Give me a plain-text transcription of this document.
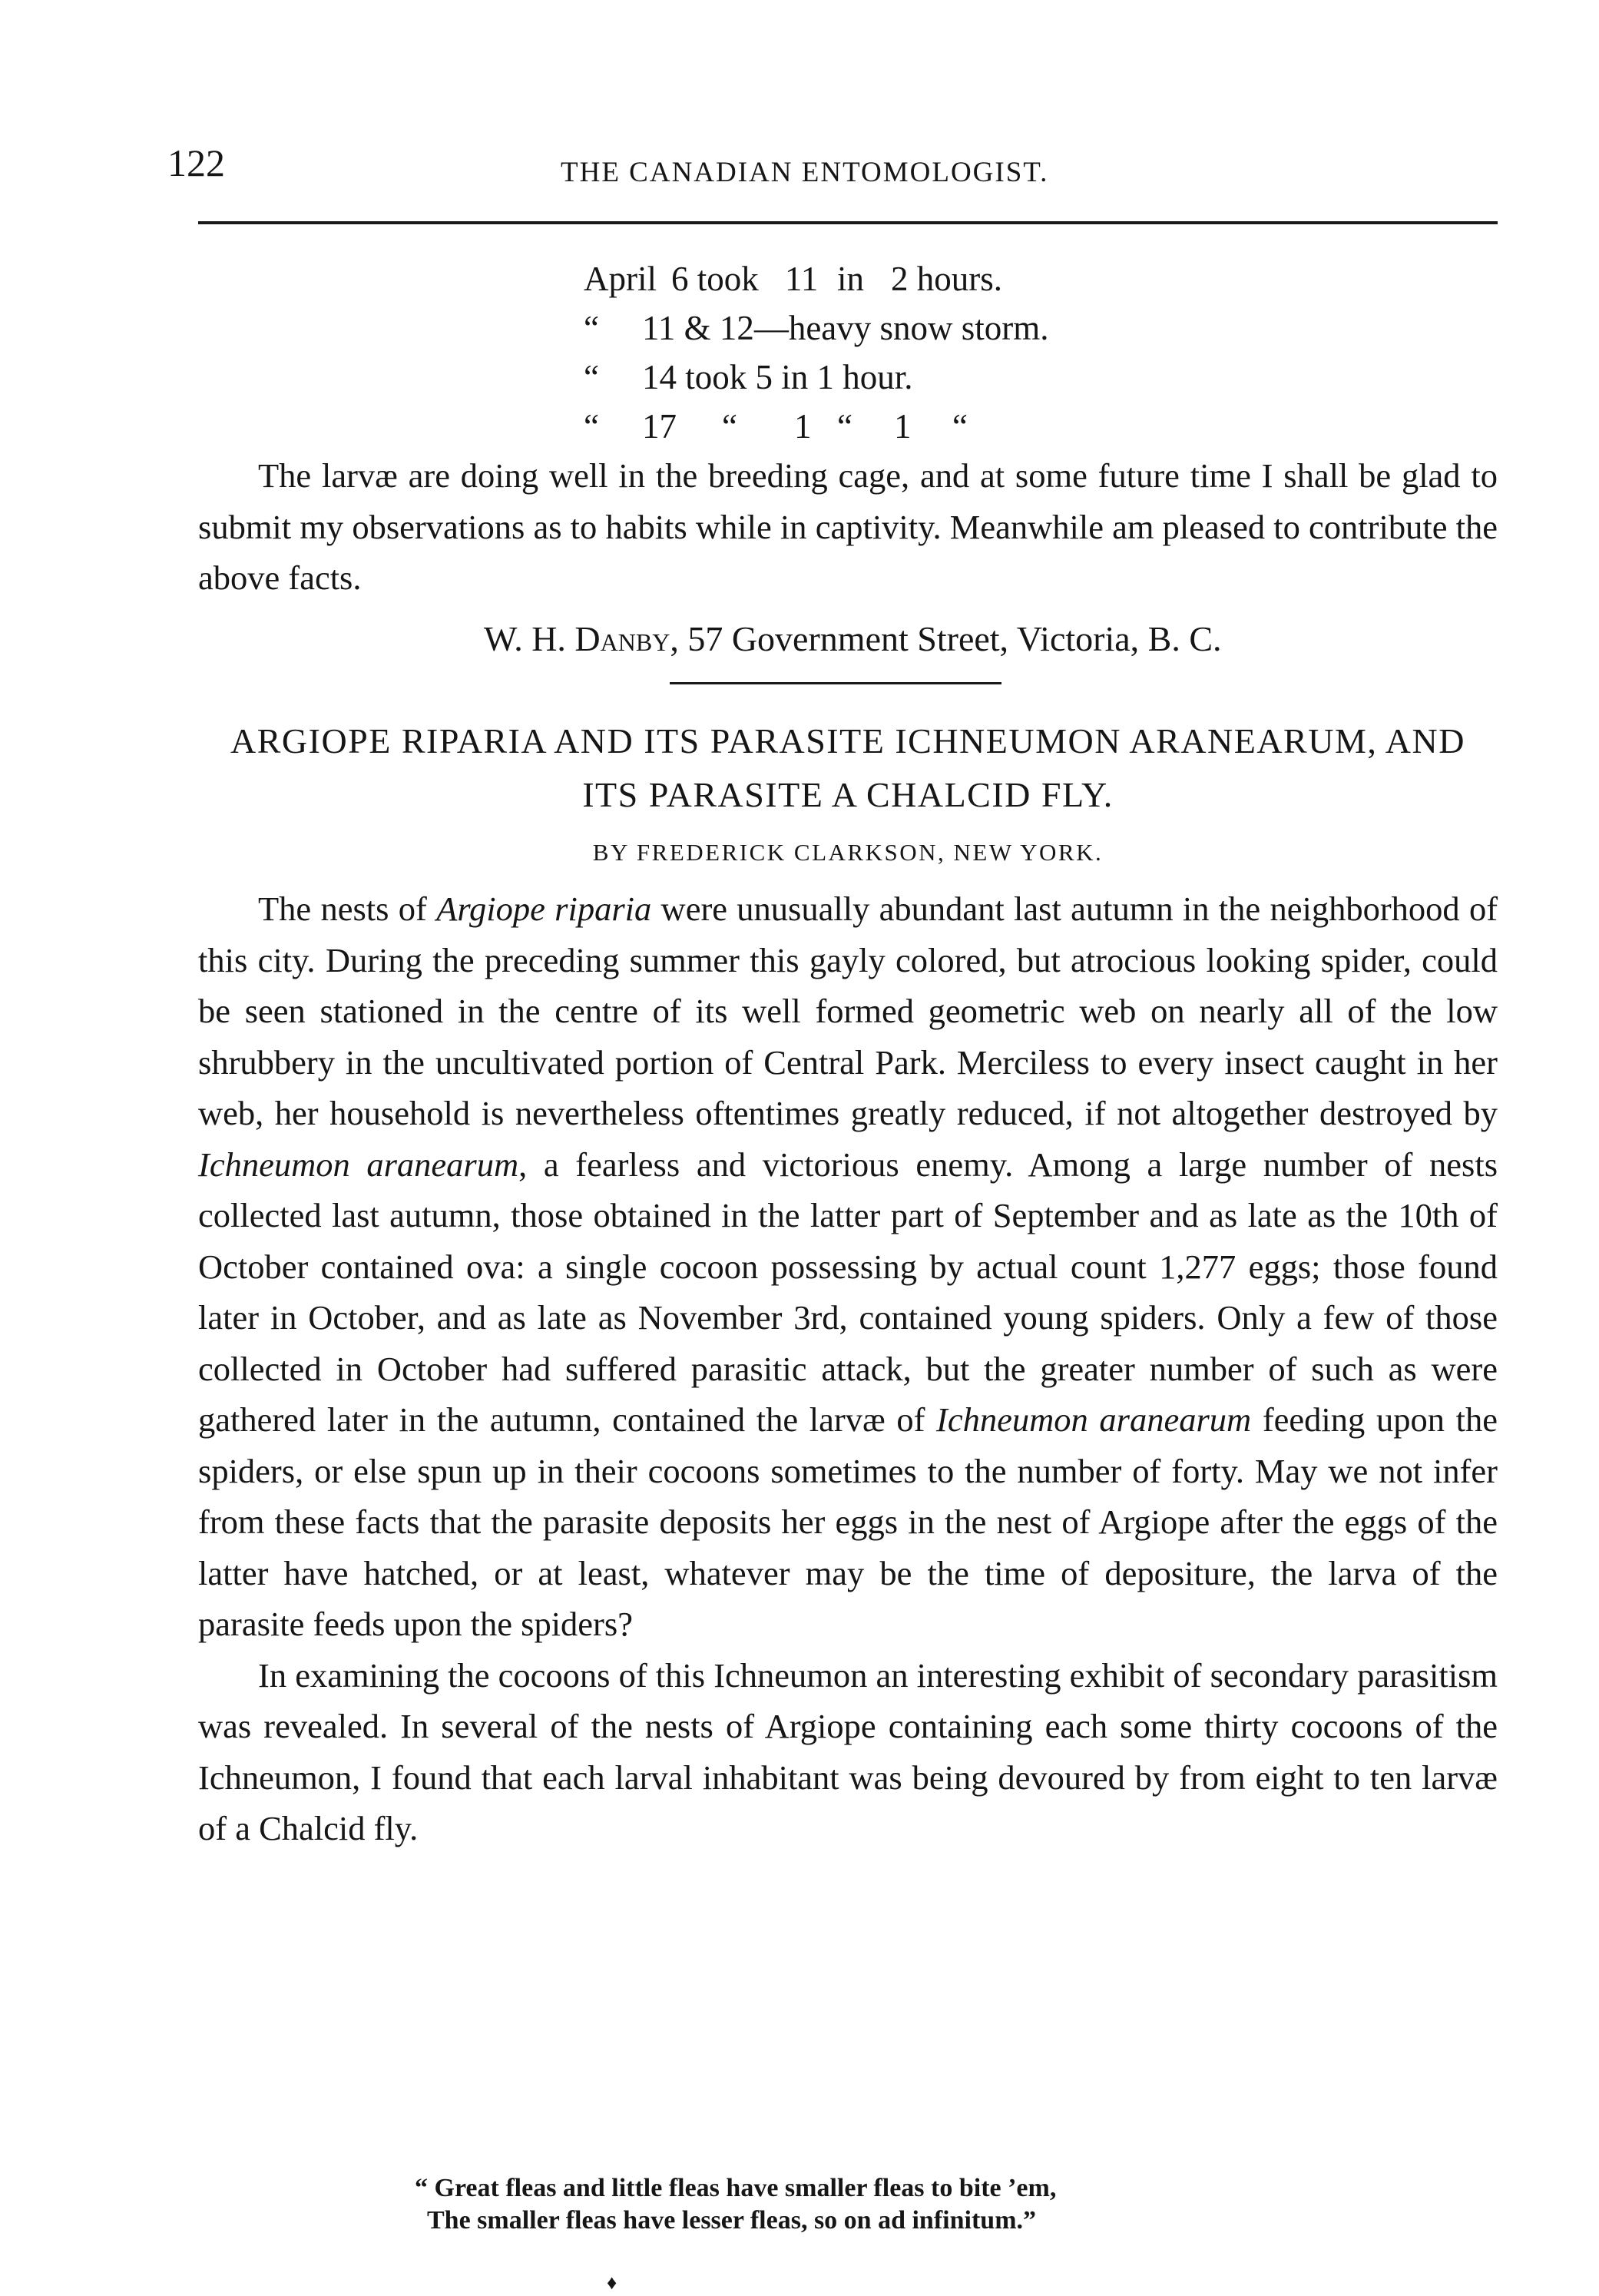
122	THE CANADIAN ENTOMOLOGIST.
April 6 took 11 in 2 hours.
“ 11 & 12—heavy snow storm.
“ 14 took 5 in 1 hour.
“ 17 “ 1 “ 1 “

The larvæ are doing well in the breeding cage, and at some future time I shall be glad to submit my observations as to habits while in captivity. Meanwhile am pleased to contribute the above facts.

W. H. Danby, 57 Government Street, Victoria, B. C.
ARGIOPE RIPARIA AND ITS PARASITE ICHNEUMON ARANEARUM, AND ITS PARASITE A CHALCID FLY.
BY FREDERICK CLARKSON, NEW YORK.

The nests of Argiope riparia were unusually abundant last autumn in the neighborhood of this city. During the preceding summer this gayly colored, but atrocious looking spider, could be seen stationed in the centre of its well formed geometric web on nearly all of the low shrubbery in the uncultivated portion of Central Park. Merciless to every insect caught in her web, her household is nevertheless oftentimes greatly reduced, if not altogether destroyed by Ichneumon aranearum, a fearless and victorious enemy. Among a large number of nests collected last autumn, those obtained in the latter part of September and as late as the 10th of October contained ova: a single cocoon possessing by actual count 1,277 eggs; those found later in October, and as late as November 3rd, contained young spiders. Only a few of those collected in October had suffered parasitic attack, but the greater number of such as were gathered later in the autumn, contained the larvæ of Ichneumon aranearum feeding upon the spiders, or else spun up in their cocoons sometimes to the number of forty. May we not infer from these facts that the parasite deposits her eggs in the nest of Argiope after the eggs of the latter have hatched, or at least, whatever may be the time of depositure, the larva of the parasite feeds upon the spiders?

In examining the cocoons of this Ichneumon an interesting exhibit of secondary parasitism was revealed. In several of the nests of Argiope containing each some thirty cocoons of the Ichneumon, I found that each larval inhabitant was being devoured by from eight to ten larvæ of a Chalcid fly.

“ Great fleas and little fleas have smaller fleas to bite ’em,
The smaller fleas have lesser fleas, so on ad infinitum.”
♦
